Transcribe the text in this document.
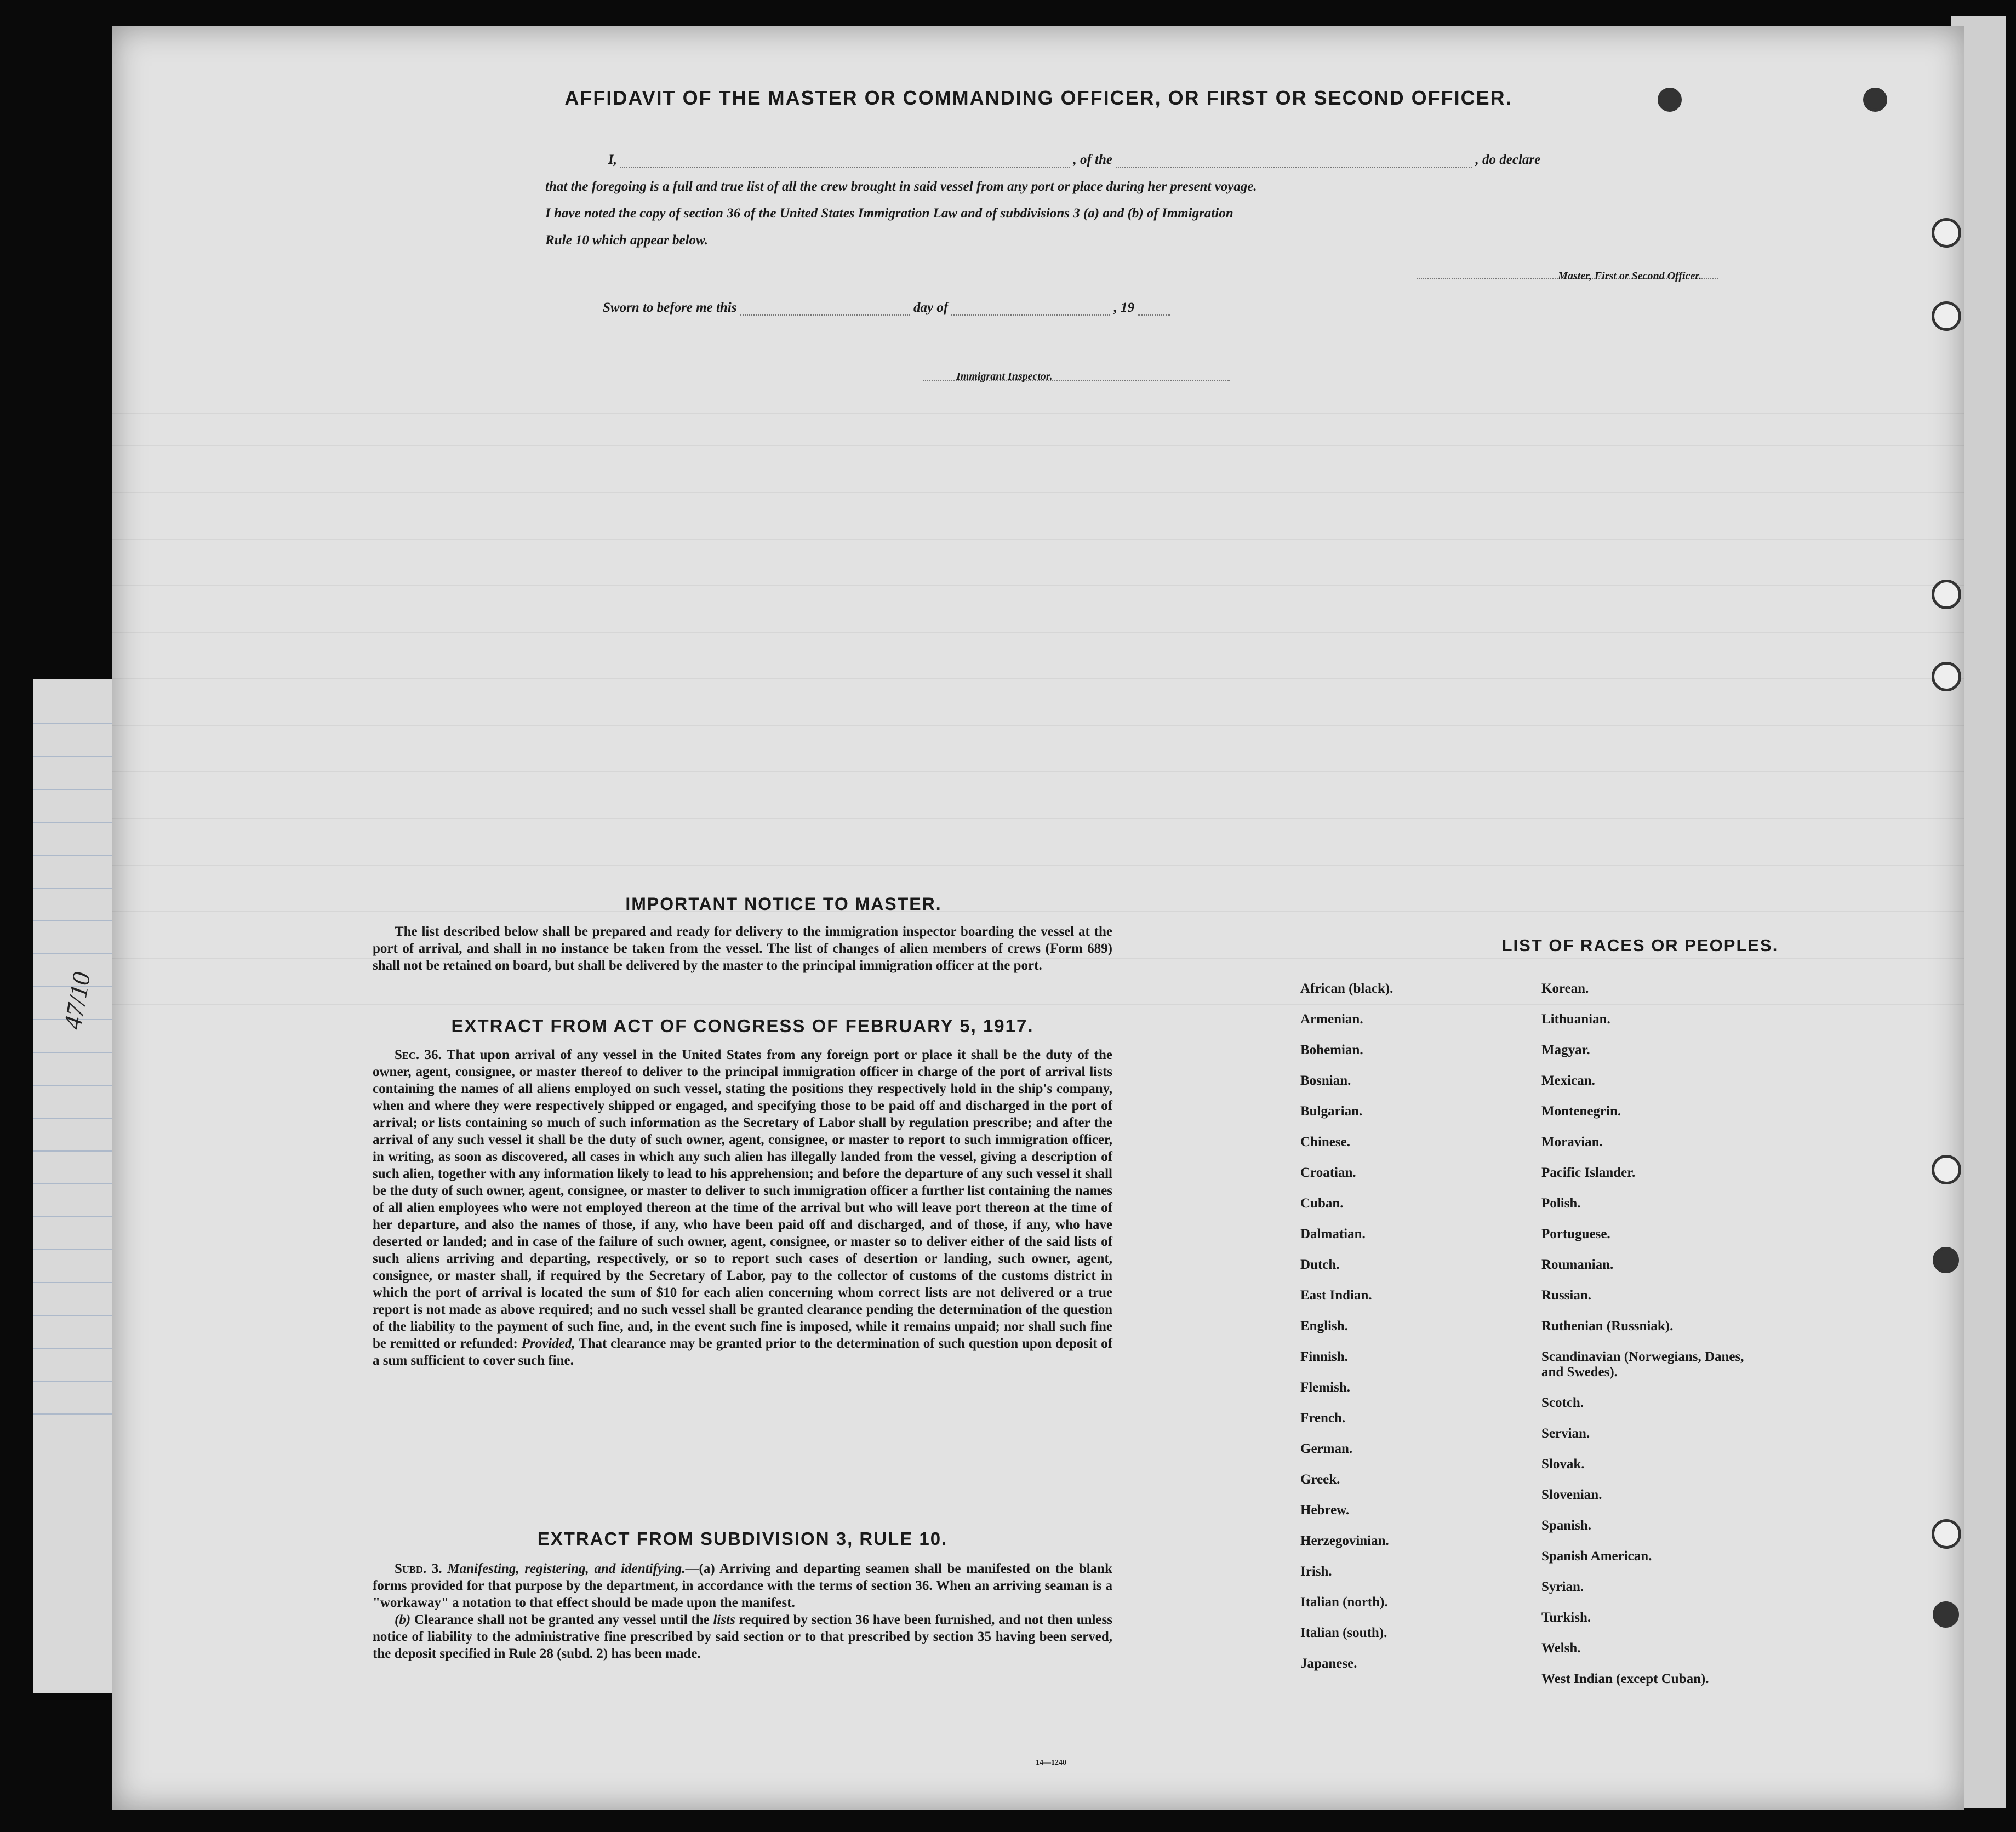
AFFIDAVIT OF THE MASTER OR COMMANDING OFFICER, OR FIRST OR SECOND OFFICER.
I,	, of the	, do declare
that the foregoing is a full and true list of all the crew brought in said vessel from any port or place during her present voyage.
I have noted the copy of section 36 of the United States Immigration Law and of subdivisions 3 (a) and (b) of Immigration
Rule 10 which appear below.
Master, First or Second Officer.
Sworn to before me this	day of	, 19
Immigrant Inspector.
IMPORTANT NOTICE TO MASTER.

The list described below shall be prepared and ready for delivery to the immigration inspector boarding the vessel at the port of arrival, and shall in no instance be taken from the vessel. The list of changes of alien members of crews (Form 689) shall not be retained on board, but shall be delivered by the master to the principal immigration officer at the port.

EXTRACT FROM ACT OF CONGRESS OF FEBRUARY 5, 1917.

Sec. 36. That upon arrival of any vessel in the United States from any foreign port or place it shall be the duty of the owner, agent, consignee, or master thereof to deliver to the principal immigration officer in charge of the port of arrival lists containing the names of all aliens employed on such vessel, stating the positions they respectively hold in the ship's company, when and where they were respectively shipped or engaged, and specifying those to be paid off and discharged in the port of arrival; or lists containing so much of such information as the Secretary of Labor shall by regulation prescribe; and after the arrival of any such vessel it shall be the duty of such owner, agent, consignee, or master to report to such immigration officer, in writing, as soon as discovered, all cases in which any such alien has illegally landed from the vessel, giving a description of such alien, together with any information likely to lead to his apprehension; and before the departure of any such vessel it shall be the duty of such owner, agent, consignee, or master to deliver to such immigration officer a further list containing the names of all alien employees who were not employed thereon at the time of the arrival but who will leave port thereon at the time of her departure, and also the names of those, if any, who have been paid off and discharged, and of those, if any, who have deserted or landed; and in case of the failure of such owner, agent, consignee, or master so to deliver either of the said lists of such aliens arriving and departing, respectively, or so to report such cases of desertion or landing, such owner, agent, consignee, or master shall, if required by the Secretary of Labor, pay to the collector of customs of the customs district in which the port of arrival is located the sum of $10 for each alien concerning whom correct lists are not delivered or a true report is not made as above required; and no such vessel shall be granted clearance pending the determination of the question of the liability to the payment of such fine, and, in the event such fine is imposed, while it remains unpaid; nor shall such fine be remitted or refunded: Provided, That clearance may be granted prior to the determination of such question upon deposit of a sum sufficient to cover such fine.

EXTRACT FROM SUBDIVISION 3, RULE 10.

Subd. 3. Manifesting, registering, and identifying.—(a) Arriving and departing seamen shall be manifested on the blank forms provided for that purpose by the department, in accordance with the terms of section 36. When an arriving seaman is a "workaway" a notation to that effect should be made upon the manifest.

(b) Clearance shall not be granted any vessel until the lists required by section 36 have been furnished, and not then unless notice of liability to the administrative fine prescribed by said section or to that prescribed by section 35 having been served, the deposit specified in Rule 28 (subd. 2) has been made.

14—1240
LIST OF RACES OR PEOPLES.
African (black).
Armenian.
Bohemian.
Bosnian.
Bulgarian.
Chinese.
Croatian.
Cuban.
Dalmatian.
Dutch.
East Indian.
English.
Finnish.
Flemish.
French.
German.
Greek.
Hebrew.
Herzegovinian.
Irish.
Italian (north).
Italian (south).
Japanese.
Korean.
Lithuanian.
Magyar.
Mexican.
Montenegrin.
Moravian.
Pacific Islander.
Polish.
Portuguese.
Roumanian.
Russian.
Ruthenian (Russniak).
Scandinavian (Norwegians, Danes, and Swedes).
Scotch.
Servian.
Slovak.
Slovenian.
Spanish.
Spanish American.
Syrian.
Turkish.
Welsh.
West Indian (except Cuban).
47/10
